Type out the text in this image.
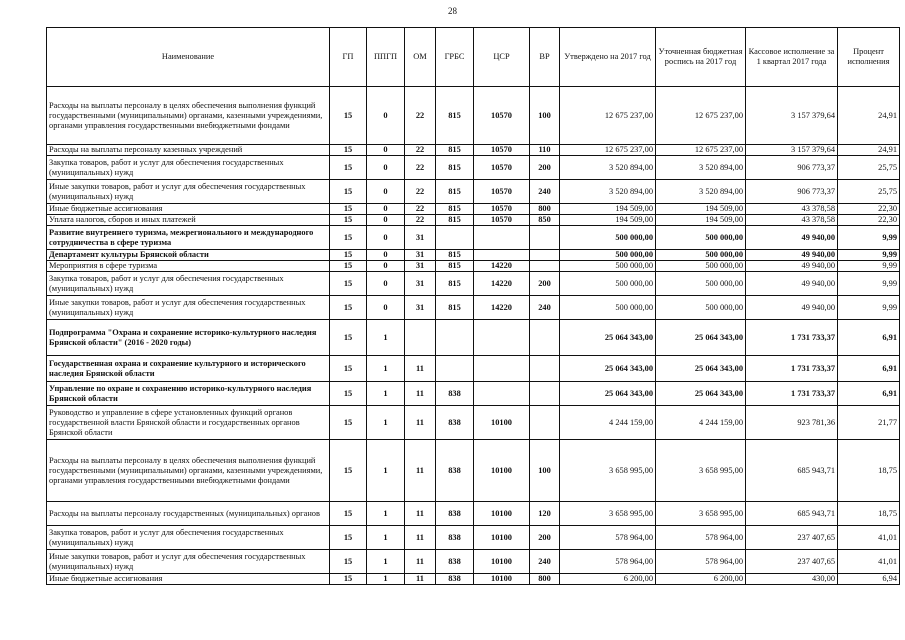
28
Наименование	ГП	ППГП	ОМ	ГРБС	ЦСР	ВР	Утверждено на 2017 год	Уточненная бюджетная роспись на 2017 год	Кассовое исполнение за 1 квартал 2017 года	Процент исполнения
Расходы на выплаты персоналу в целях обеспечения выполнения функций государственными (муниципальными) органами, казенными учреждениями, органами управления государственными внебюджетными фондами	15	0	22	815	10570	100	12 675 237,00	12 675 237,00	3 157 379,64	24,91
Расходы на выплаты персоналу казенных учреждений	15	0	22	815	10570	110	12 675 237,00	12 675 237,00	3 157 379,64	24,91
Закупка товаров, работ и услуг для обеспечения государственных (муниципальных) нужд	15	0	22	815	10570	200	3 520 894,00	3 520 894,00	906 773,37	25,75
Иные закупки товаров, работ и услуг для обеспечения государственных (муниципальных) нужд	15	0	22	815	10570	240	3 520 894,00	3 520 894,00	906 773,37	25,75
Иные бюджетные ассигнования	15	0	22	815	10570	800	194 509,00	194 509,00	43 378,58	22,30
Уплата налогов, сборов и иных платежей	15	0	22	815	10570	850	194 509,00	194 509,00	43 378,58	22,30
Развитие внутреннего туризма, межрегионального и международного сотрудничества в сфере туризма	15	0	31				500 000,00	500 000,00	49 940,00	9,99
Департамент культуры Брянской области	15	0	31	815			500 000,00	500 000,00	49 940,00	9,99
Мероприятия в сфере туризма	15	0	31	815	14220		500 000,00	500 000,00	49 940,00	9,99
Закупка товаров, работ и услуг для обеспечения государственных (муниципальных) нужд	15	0	31	815	14220	200	500 000,00	500 000,00	49 940,00	9,99
Иные закупки товаров, работ и услуг для обеспечения государственных (муниципальных) нужд	15	0	31	815	14220	240	500 000,00	500 000,00	49 940,00	9,99
Подпрограмма "Охрана и сохранение историко-культурного наследия Брянской области" (2016 - 2020 годы)	15	1					25 064 343,00	25 064 343,00	1 731 733,37	6,91
Государственная охрана и сохранение культурного и исторического наследия Брянской области	15	1	11				25 064 343,00	25 064 343,00	1 731 733,37	6,91
Управление по охране и сохранению историко-культурного наследия Брянской области	15	1	11	838			25 064 343,00	25 064 343,00	1 731 733,37	6,91
Руководство и управление в сфере установленных функций органов государственной власти Брянской области и государственных органов Брянской области	15	1	11	838	10100		4 244 159,00	4 244 159,00	923 781,36	21,77
Расходы на выплаты персоналу в целях обеспечения выполнения функций государственными (муниципальными) органами, казенными учреждениями, органами управления государственными внебюджетными фондами	15	1	11	838	10100	100	3 658 995,00	3 658 995,00	685 943,71	18,75
Расходы на выплаты персоналу государственных (муниципальных) органов	15	1	11	838	10100	120	3 658 995,00	3 658 995,00	685 943,71	18,75
Закупка товаров, работ и услуг для обеспечения государственных (муниципальных) нужд	15	1	11	838	10100	200	578 964,00	578 964,00	237 407,65	41,01
Иные закупки товаров, работ и услуг для обеспечения государственных (муниципальных) нужд	15	1	11	838	10100	240	578 964,00	578 964,00	237 407,65	41,01
Иные бюджетные ассигнования	15	1	11	838	10100	800	6 200,00	6 200,00	430,00	6,94
